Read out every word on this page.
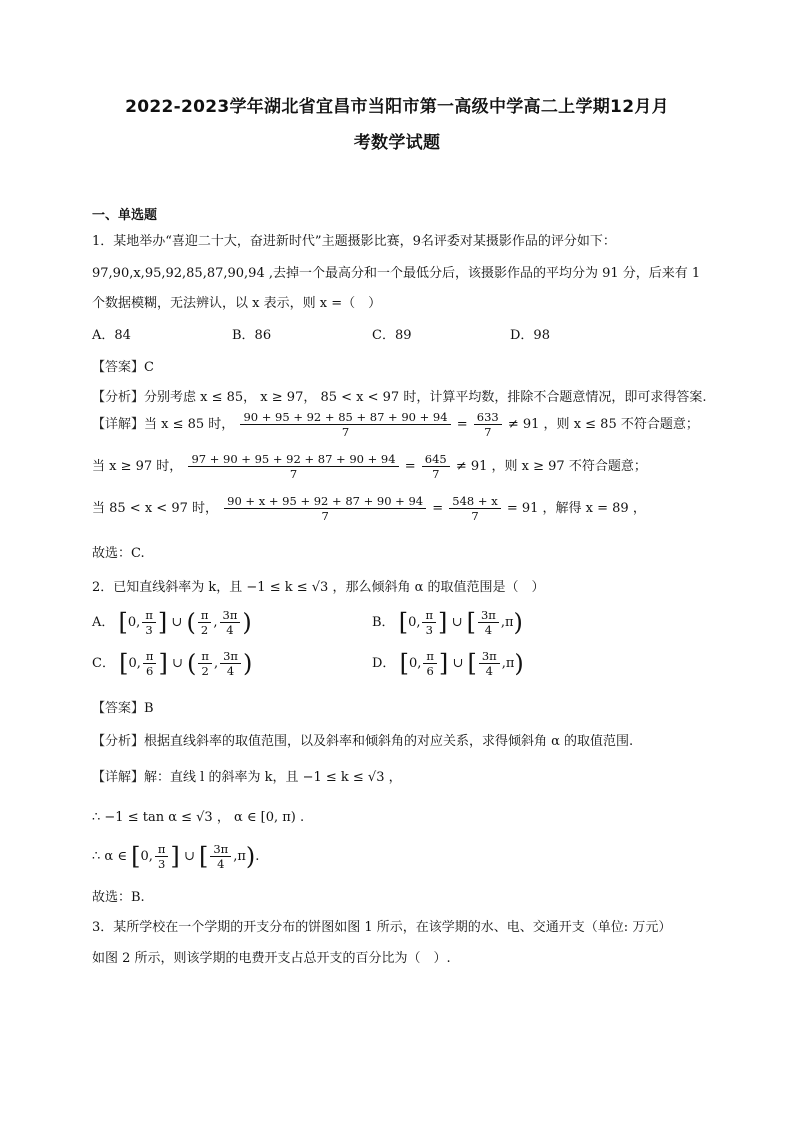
2022-2023学年湖北省宜昌市当阳市第一高级中学高二上学期12月月
考数学试题
一、单选题
1．某地举办“喜迎二十大，奋进新时代”主题摄影比赛，9名评委对某摄影作品的评分如下：
97,90,x,95,92,85,87,90,94 ,去掉一个最高分和一个最低分后，该摄影作品的平均分为 91 分，后来有 1
个数据模糊，无法辨认，以 x 表示，则 x =（　）
A．84	B．86	C．89	D．98
【答案】C
【分析】分别考虑 x ≤ 85， x ≥ 97， 85 < x < 97 时，计算平均数，排除不合题意情况，即可求得答案.
【详解】当 x ≤ 85 时， $\frac{90 + 95 + 92 + 85 + 87 + 90 + 94}{7} = \frac{633}{7} \ne 91$ ，则 x ≤ 85 不符合题意；
当 x ≥ 97 时， $\frac{97 + 90 + 95 + 92 + 87 + 90 + 94}{7} = \frac{645}{7} \ne 91$ ，则 x ≥ 97 不符合题意；
当 85 < x < 97 时， $\frac{90 + x + 95 + 92 + 87 + 90 + 94}{7} = \frac{548 + x}{7} = 91$ ，解得 x = 89 ，
故选：C.
2．已知直线斜率为 k，且 −1 ≤ k ≤ √3 ，那么倾斜角 α 的取值范围是（　）
A． [0, $\frac{\pi}{3}$ ] ∪ ( $\frac{\pi}{2}$ , $\frac{3\pi}{4}$ )	B． [0, $\frac{\pi}{3}$ ] ∪ [ $\frac{3\pi}{4} ,\pi$)
C． [0, $\frac{\pi}{6}$ ] ∪ ( $\frac{\pi}{2}$ , $\frac{3\pi}{4}$ )	D． [0, $\frac{\pi}{6}$ ] ∪ [ $\frac{3\pi}{4} ,\pi$)
【答案】B
【分析】根据直线斜率的取值范围，以及斜率和倾斜角的对应关系，求得倾斜角 α 的取值范围.
【详解】解：直线 l 的斜率为 k，且 −1 ≤ k ≤ √3 ，
∴ −1 ≤ tan α ≤ √3 ， α ∈ [0, π) .
∴ α ∈ [0, $\frac{\pi}{3}$ ] ∪ [ $\frac{3\pi}{4} ,\pi$).
故选：B.
3．某所学校在一个学期的开支分布的饼图如图 1 所示，在该学期的水、电、交通开支（单位: 万元）
如图 2 所示，则该学期的电费开支占总开支的百分比为（　）.
